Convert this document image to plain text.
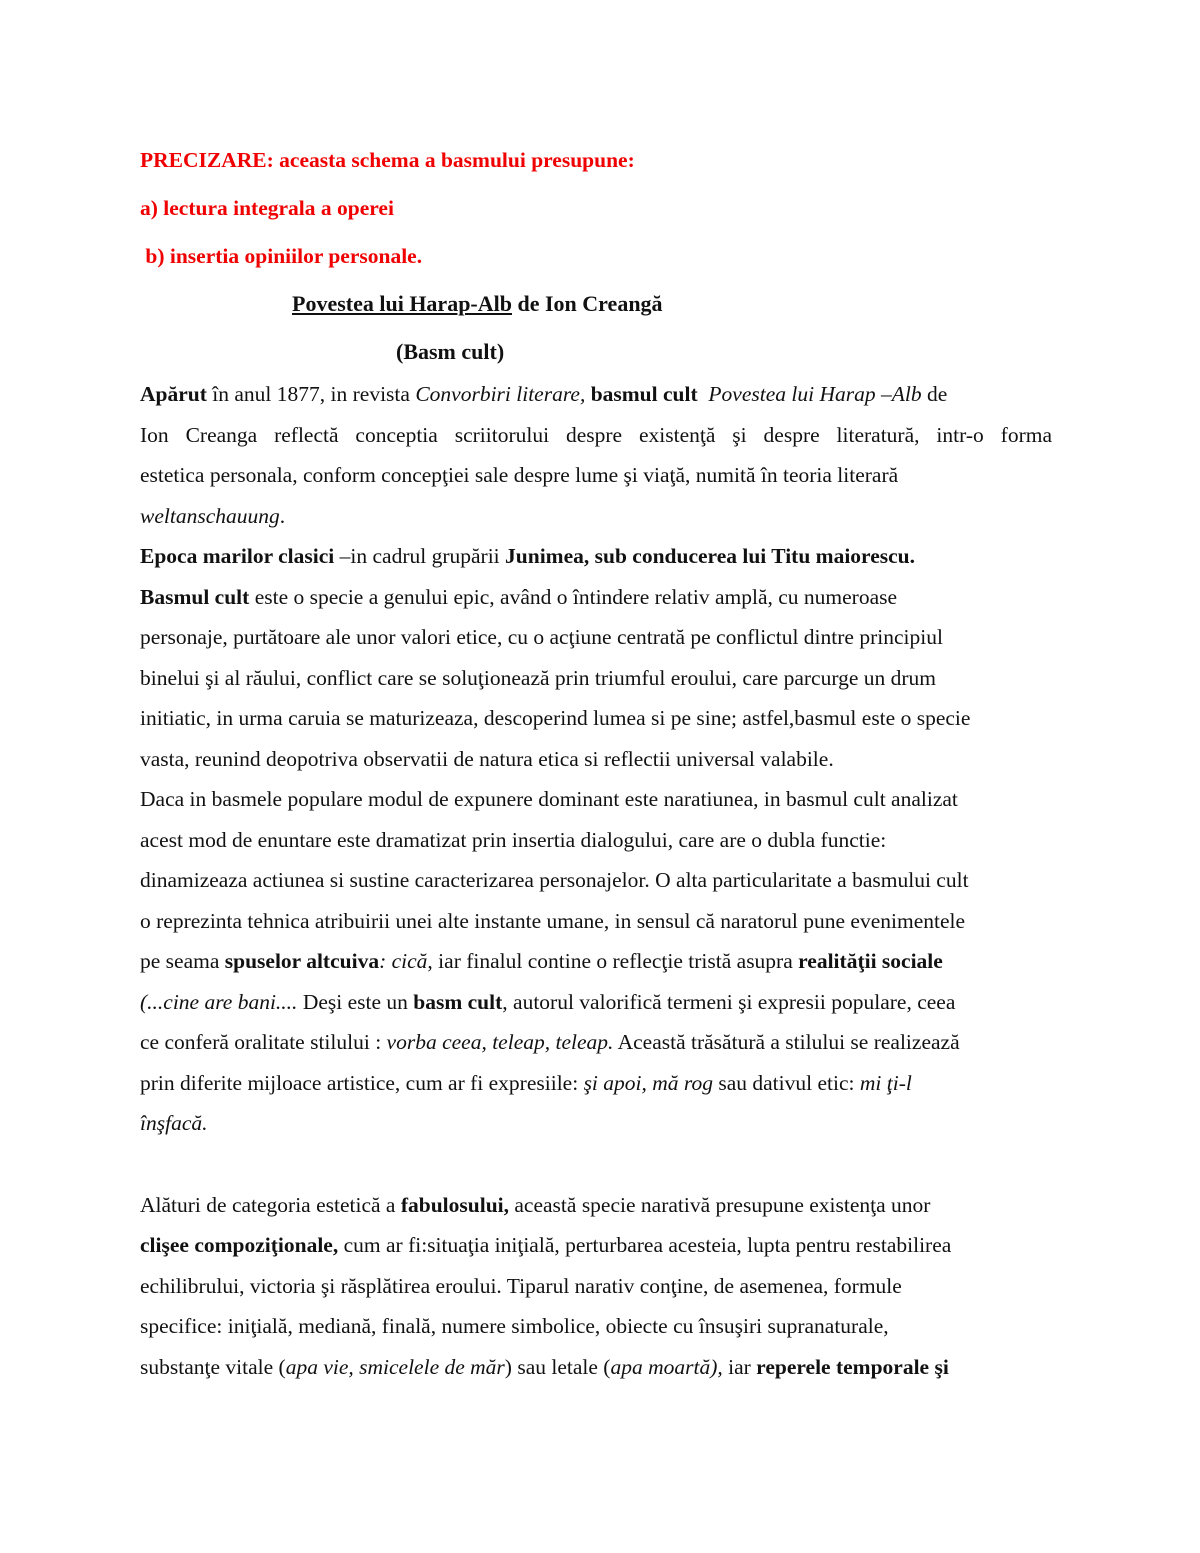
PRECIZARE: aceasta schema a basmului presupune:
a) lectura integrala a operei
b) insertia opiniilor personale.
Povestea lui Harap-Alb de Ion Creangă
(Basm cult)
Apărut în anul 1877, in revista Convorbiri literare, basmul cult  Povestea lui Harap –Alb de
Ion Creanga reflectă conceptia scriitorului despre existenţă şi despre literatură, intr-o forma
estetica personala, conform concepţiei sale despre lume şi viaţă, numită în teoria literară
weltanschauung.
Epoca marilor clasici –in cadrul grupării Junimea, sub conducerea lui Titu maiorescu.
Basmul cult este o specie a genului epic, având o întindere relativ amplă, cu numeroase
personaje, purtătoare ale unor valori etice, cu o acţiune centrată pe conflictul dintre principiul
binelui şi al răului, conflict care se soluţionează prin triumful eroului, care parcurge un drum
initiatic, in urma caruia se maturizeaza, descoperind lumea si pe sine; astfel,basmul este o specie
vasta, reunind deopotriva observatii de natura etica si reflectii universal valabile.
Daca in basmele populare modul de expunere dominant este naratiunea, in basmul cult analizat
acest mod de enuntare este dramatizat prin insertia dialogului, care are o dubla functie:
dinamizeaza actiunea si sustine caracterizarea personajelor. O alta particularitate a basmului cult
o reprezinta tehnica atribuirii unei alte instante umane, in sensul că naratorul pune evenimentele
pe seama spuselor altcuiva: cică, iar finalul contine o reflecţie tristă asupra realităţii sociale
(...cine are bani.... Deşi este un basm cult, autorul valorifică termeni şi expresii populare, ceea
ce conferă oralitate stilului : vorba ceea, teleap, teleap. Această trăsătură a stilului se realizează
prin diferite mijloace artistice, cum ar fi expresiile: şi apoi, mă rog sau dativul etic: mi ţi-l
înşfacă.
Alături de categoria estetică a fabulosului, această specie narativă presupune existenţa unor
clişee compoziţionale, cum ar fi:situaţia iniţială, perturbarea acesteia, lupta pentru restabilirea
echilibrului, victoria şi răsplătirea eroului. Tiparul narativ conţine, de asemenea, formule
specifice: iniţială, mediană, finală, numere simbolice, obiecte cu însuşiri supranaturale,
substanţe vitale (apa vie, smicelele de măr) sau letale (apa moartă), iar reperele temporale şi
